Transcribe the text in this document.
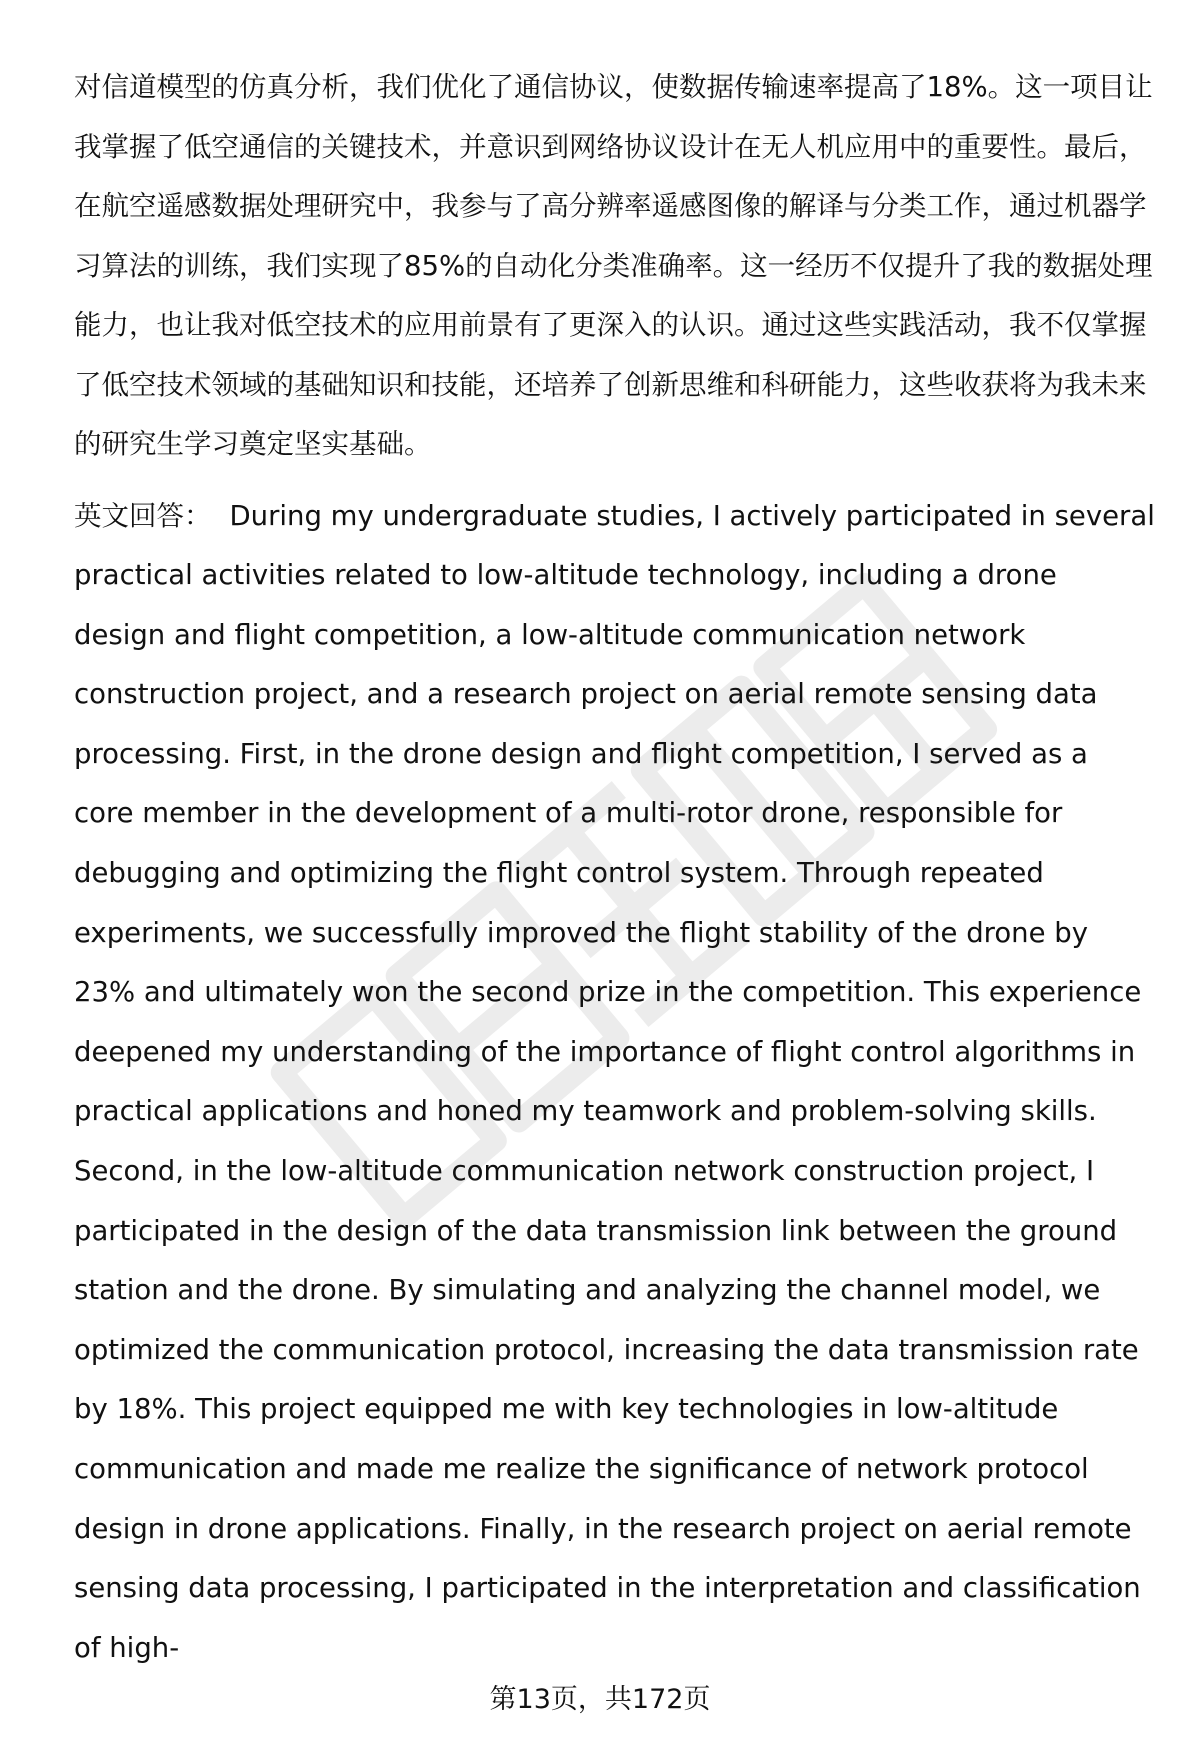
对信道模型的仿真分析，我们优化了通信协议，使数据传输速率提高了18%。这一项目让我掌握了低空通信的关键技术，并意识到网络协议设计在无人机应用中的重要性。最后，在航空遥感数据处理研究中，我参与了高分辨率遥感图像的解译与分类工作，通过机器学习算法的训练，我们实现了85%的自动化分类准确率。这一经历不仅提升了我的数据处理能力，也让我对低空技术的应用前景有了更深入的认识。通过这些实践活动，我不仅掌握了低空技术领域的基础知识和技能，还培养了创新思维和科研能力，这些收获将为我未来的研究生学习奠定坚实基础。

英文回答： During my undergraduate studies, I actively participated in several practical activities related to low-altitude technology, including a drone design and flight competition, a low-altitude communication network construction project, and a research project on aerial remote sensing data processing. First, in the drone design and flight competition, I served as a core member in the development of a multi-rotor drone, responsible for debugging and optimizing the flight control system. Through repeated experiments, we successfully improved the flight stability of the drone by 23% and ultimately won the second prize in the competition. This experience deepened my understanding of the importance of flight control algorithms in practical applications and honed my teamwork and problem-solving skills. Second, in the low-altitude communication network construction project, I participated in the design of the data transmission link between the ground station and the drone. By simulating and analyzing the channel model, we optimized the communication protocol, increasing the data transmission rate by 18%. This project equipped me with key technologies in low-altitude communication and made me realize the significance of network protocol design in drone applications. Finally, in the research project on aerial remote sensing data processing, I participated in the interpretation and classification of high-

第13页，共172页
